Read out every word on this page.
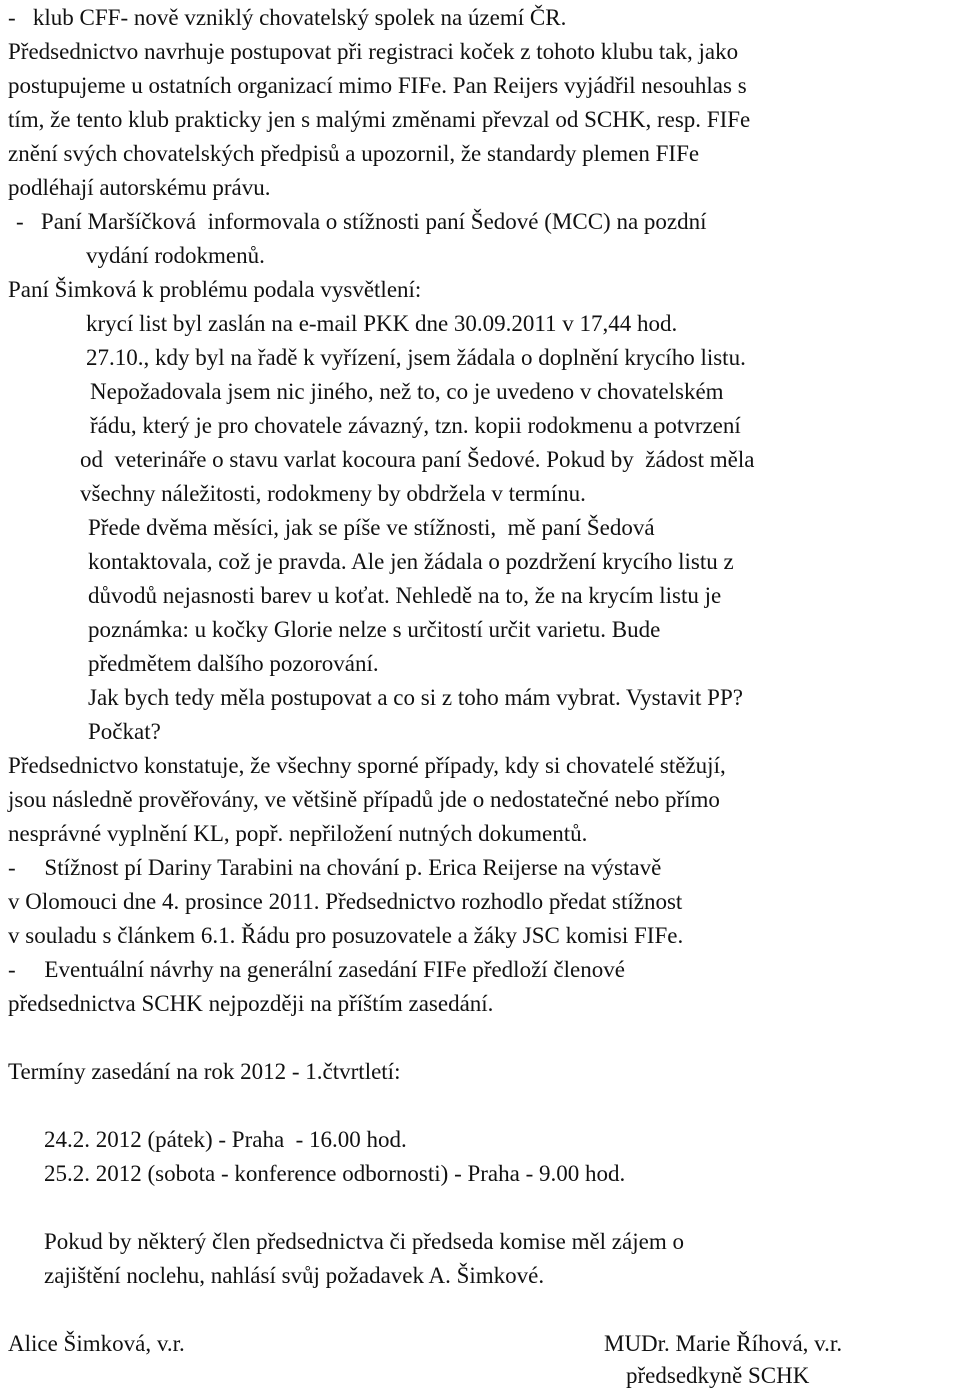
-   klub CFF- nově vzniklý chovatelský spolek na území ČR.

Předsednictvo navrhuje postupovat při registraci koček z tohoto klubu tak, jako

postupujeme u ostatních organizací mimo FIFe. Pan Reijers vyjádřil nesouhlas s

tím, že tento klub prakticky jen s malými změnami převzal od SCHK, resp. FIFe

znění svých chovatelských předpisů a upozornil, že standardy plemen FIFe

podléhají autorskému právu.

-   Paní Maršíčková  informovala o stížnosti paní Šedové (MCC) na pozdní

vydání rodokmenů.

Paní Šimková k problému podala vysvětlení:

krycí list byl zaslán na e-mail PKK dne 30.09.2011 v 17,44 hod.

27.10., kdy byl na řadě k vyřízení, jsem žádala o doplnění krycího listu.

Nepožadovala jsem nic jiného, než to, co je uvedeno v chovatelském

řádu, který je pro chovatele závazný, tzn. kopii rodokmenu a potvrzení

od  veterináře o stavu varlat kocoura paní Šedové. Pokud by  žádost měla

všechny náležitosti, rodokmeny by obdržela v termínu.

Přede dvěma měsíci, jak se píše ve stížnosti,  mě paní Šedová

kontaktovala, což je pravda. Ale jen žádala o pozdržení krycího listu z

důvodů nejasnosti barev u koťat. Nehledě na to, že na krycím listu je

poznámka: u kočky Glorie nelze s určitostí určit varietu. Bude

předmětem dalšího pozorování.

Jak bych tedy měla postupovat a co si z toho mám vybrat. Vystavit PP?

Počkat?

Předsednictvo konstatuje, že všechny sporné případy, kdy si chovatelé stěžují,

jsou následně prověřovány, ve většině případů jde o nedostatečné nebo přímo

nesprávné vyplnění KL, popř. nepřiložení nutných dokumentů.

-     Stížnost pí Dariny Tarabini na chování p. Erica Reijerse na výstavě

v Olomouci dne 4. prosince 2011. Předsednictvo rozhodlo předat stížnost

v souladu s článkem 6.1. Řádu pro posuzovatele a žáky JSC komisi FIFe.

-     Eventuální návrhy na generální zasedání FIFe předloží členové

předsednictva SCHK nejpozději na příštím zasedání.

Termíny zasedání na rok 2012 - 1.čtvrtletí:

24.2. 2012 (pátek) - Praha  - 16.00 hod.

25.2. 2012 (sobota - konference odbornosti) - Praha - 9.00 hod.

Pokud by některý člen předsednictva či předseda komise měl zájem o

zajištění noclehu, nahlásí svůj požadavek A. Šimkové.

Alice Šimková, v.r.	MUDr. Marie Říhová, v.r.

předsedkyně SCHK
